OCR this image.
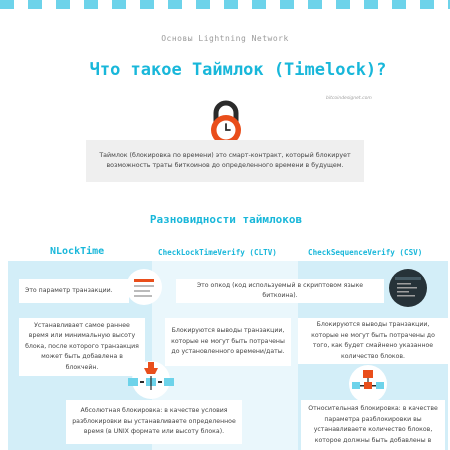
Основы Lightning Network
Что такое Таймлок (Timelock)?
bitcoindesignet.com
Таймлок (блокировка по времени) это смарт-контракт, который блокирует возможность траты биткоинов до определенного времени в будущем.
Разновидности таймлоков
NLockTime	CheckLockTimeVerify (CLTV)	CheckSequenceVerify (CSV)
Это параметр транзакции.
Это опкод (код используемый в скриптовом языке биткоина).
Устанавливает самое раннее время или минимальную высоту блока, после которого транзакция может быть добавлена в блокчейн.
Блокируются выводы транзакции, которые не могут быть потрачены до установленного времени/даты.
Блокируются выводы транзакции, которые не могут быть потрачены до того, как будет смайнено указанное количество блоков.
Абсолютная блокировка: в качестве условия разблокировки вы устанавливаете определенное время (в UNIX формате или высоту блока).
Относительная блокировка: в качестве параметра разблокировки вы устанавливаете количество блоков, которое должны быть добавлены в
